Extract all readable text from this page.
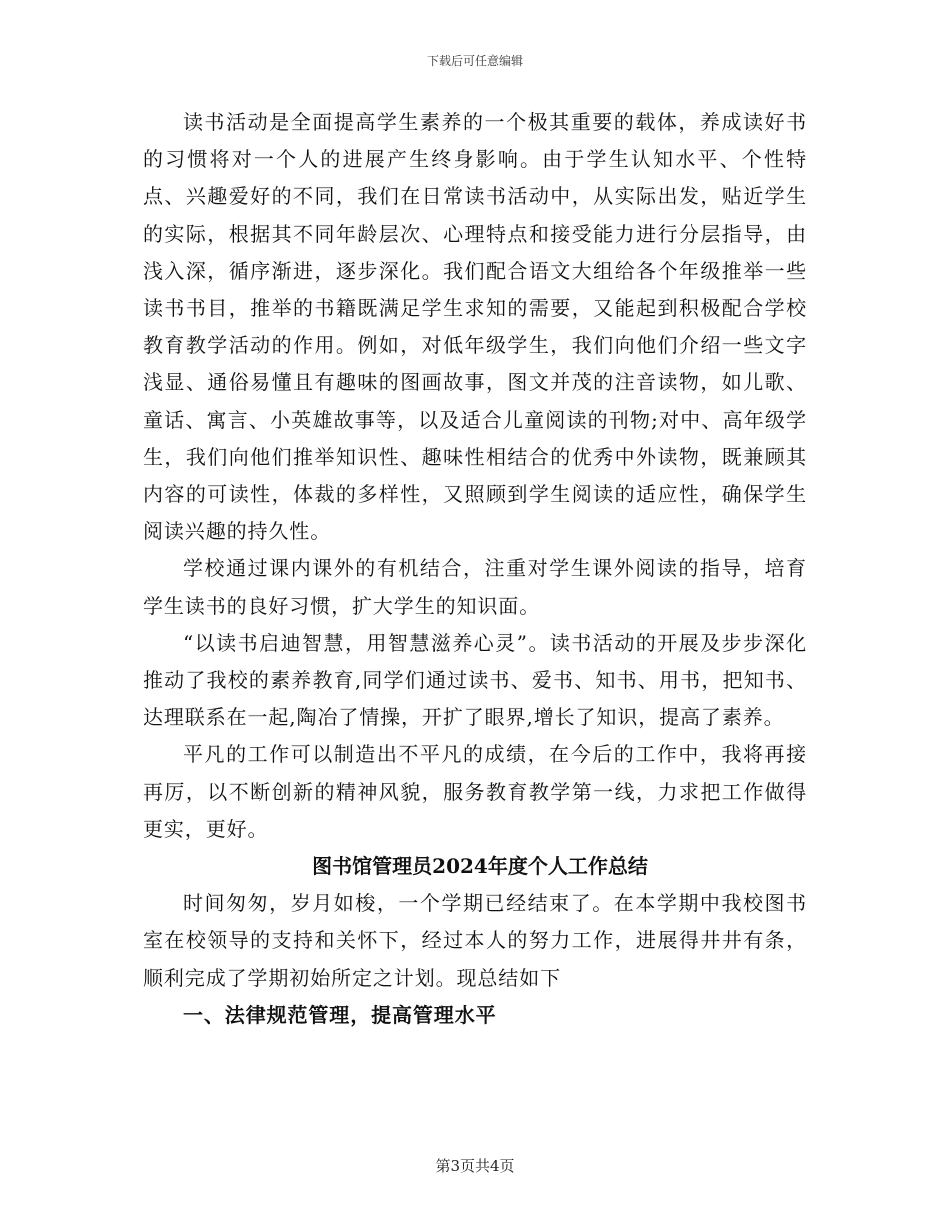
下载后可任意编辑

读书活动是全面提高学生素养的一个极其重要的载体，养成读好书的习惯将对一个人的进展产生终身影响。由于学生认知水平、个性特点、兴趣爱好的不同，我们在日常读书活动中，从实际出发，贴近学生的实际，根据其不同年龄层次、心理特点和接受能力进行分层指导，由浅入深，循序渐进，逐步深化。我们配合语文大组给各个年级推举一些读书书目，推举的书籍既满足学生求知的需要，又能起到积极配合学校教育教学活动的作用。例如，对低年级学生，我们向他们介绍一些文字浅显、通俗易懂且有趣味的图画故事，图文并茂的注音读物，如儿歌、童话、寓言、小英雄故事等，以及适合儿童阅读的刊物;对中、高年级学生，我们向他们推举知识性、趣味性相结合的优秀中外读物，既兼顾其内容的可读性，体裁的多样性，又照顾到学生阅读的适应性，确保学生阅读兴趣的持久性。

学校通过课内课外的有机结合，注重对学生课外阅读的指导，培育学生读书的良好习惯，扩大学生的知识面。

“以读书启迪智慧，用智慧滋养心灵”。读书活动的开展及步步深化推动了我校的素养教育,同学们通过读书、爱书、知书、用书，把知书、达理联系在一起,陶冶了情操，开扩了眼界,增长了知识，提高了素养。

平凡的工作可以制造出不平凡的成绩，在今后的工作中，我将再接再厉，以不断创新的精神风貌，服务教育教学第一线，力求把工作做得更实，更好。

图书馆管理员2024年度个人工作总结

时间匆匆，岁月如梭，一个学期已经结束了。在本学期中我校图书室在校领导的支持和关怀下，经过本人的努力工作，进展得井井有条，顺利完成了学期初始所定之计划。现总结如下

一、法律规范管理，提高管理水平

第3页共4页
